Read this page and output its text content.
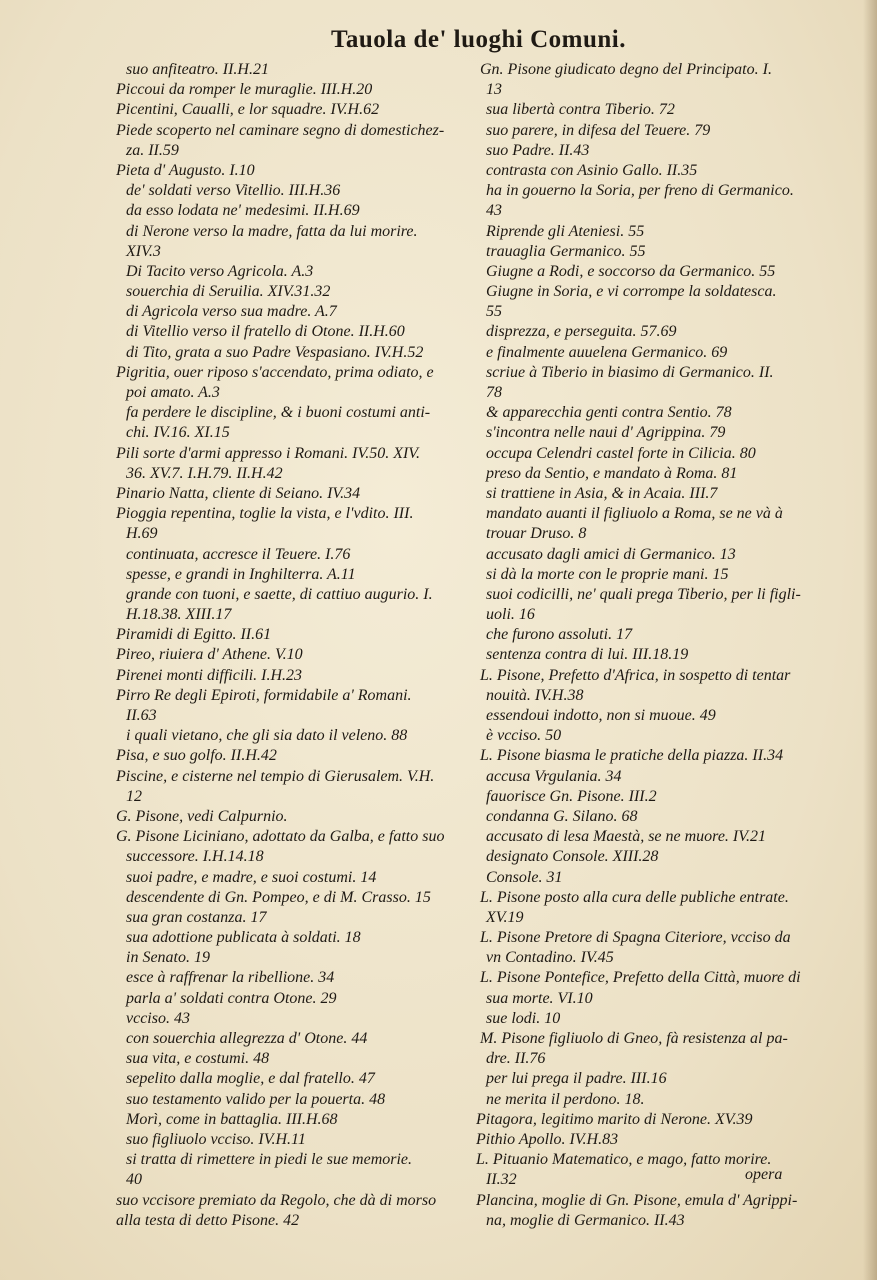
Tauola de' luoghi Comuni.
suo anfiteatro. II.H.21
Piccoui da romper le muraglie. III.H.20
Picentini, Caualli, e lor squadre. IV.H.62
Piede scoperto nel caminare segno di domestichez-
za. II.59
Pieta d' Augusto. I.10
de' soldati verso Vitellio. III.H.36
da esso lodata ne' medesimi. II.H.69
di Nerone verso la madre, fatta da lui morire.
XIV.3
Di Tacito verso Agricola. A.3
souerchia di Seruilia. XIV.31.32
di Agricola verso sua madre. A.7
di Vitellio verso il fratello di Otone. II.H.60
di Tito, grata a suo Padre Vespasiano. IV.H.52
Pigritia, ouer riposo s'accendato, prima odiato, e
poi amato. A.3
fa perdere le discipline, & i buoni costumi anti-
chi. IV.16. XI.15
Pili sorte d'armi appresso i Romani. IV.50. XIV.
36. XV.7. I.H.79. II.H.42
Pinario Natta, cliente di Seiano. IV.34
Pioggia repentina, toglie la vista, e l'vdito. III.
H.69
continuata, accresce il Teuere. I.76
spesse, e grandi in Inghilterra. A.11
grande con tuoni, e saette, di cattiuo augurio. I.
H.18.38. XIII.17
Piramidi di Egitto. II.61
Pireo, riuiera d' Athene. V.10
Pirenei monti difficili. I.H.23
Pirro Re degli Epiroti, formidabile a' Romani.
II.63
i quali vietano, che gli sia dato il veleno. 88
Pisa, e suo golfo. II.H.42
Piscine, e cisterne nel tempio di Gierusalem. V.H.
12
G. Pisone, vedi Calpurnio.
G. Pisone Liciniano, adottato da Galba, e fatto suo
successore. I.H.14.18
suoi padre, e madre, e suoi costumi. 14
descendente di Gn. Pompeo, e di M. Crasso. 15
sua gran costanza. 17
sua adottione publicata à soldati. 18
in Senato. 19
esce à raffrenar la ribellione. 34
parla a' soldati contra Otone. 29
vcciso. 43
con souerchia allegrezza d' Otone. 44
sua vita, e costumi. 48
sepelito dalla moglie, e dal fratello. 47
suo testamento valido per la pouerta. 48
Morì, come in battaglia. III.H.68
suo figliuolo vcciso. IV.H.11
si tratta di rimettere in piedi le sue memorie.
40
suo vccisore premiato da Regolo, che dà di morso
alla testa di detto Pisone. 42
Gn. Pisone giudicato degno del Principato. I.
13
sua libertà contra Tiberio. 72
suo parere, in difesa del Teuere. 79
suo Padre. II.43
contrasta con Asinio Gallo. II.35
ha in gouerno la Soria, per freno di Germanico.
43
Riprende gli Ateniesi. 55
trauaglia Germanico. 55
Giugne a Rodi, e soccorso da Germanico. 55
Giugne in Soria, e vi corrompe la soldatesca.
55
disprezza, e perseguita. 57.69
e finalmente auuelena Germanico. 69
scriue à Tiberio in biasimo di Germanico. II.
78
& apparecchia genti contra Sentio. 78
s'incontra nelle naui d' Agrippina. 79
occupa Celendri castel forte in Cilicia. 80
preso da Sentio, e mandato à Roma. 81
si trattiene in Asia, & in Acaia. III.7
mandato auanti il figliuolo a Roma, se ne và à
trouar Druso. 8
accusato dagli amici di Germanico. 13
si dà la morte con le proprie mani. 15
suoi codicilli, ne' quali prega Tiberio, per li figli-
uoli. 16
che furono assoluti. 17
sentenza contra di lui. III.18.19
L. Pisone, Prefetto d'Africa, in sospetto di tentar
nouità. IV.H.38
essendoui indotto, non si muoue. 49
è vcciso. 50
L. Pisone biasma le pratiche della piazza. II.34
accusa Vrgulania. 34
fauorisce Gn. Pisone. III.2
condanna G. Silano. 68
accusato di lesa Maestà, se ne muore. IV.21
designato Console. XIII.28
Console. 31
L. Pisone posto alla cura delle publiche entrate.
XV.19
L. Pisone Pretore di Spagna Citeriore, vcciso da
vn Contadino. IV.45
L. Pisone Pontefice, Prefetto della Città, muore di
sua morte. VI.10
sue lodi. 10
M. Pisone figliuolo di Gneo, fà resistenza al pa-
dre. II.76
per lui prega il padre. III.16
ne merita il perdono. 18.
Pitagora, legitimo marito di Nerone. XV.39
Pithio Apollo. IV.H.83
L. Pituanio Matematico, e mago, fatto morire.
II.32
Plancina, moglie di Gn. Pisone, emula d' Agrippi-
na, moglie di Germanico. II.43
opera
